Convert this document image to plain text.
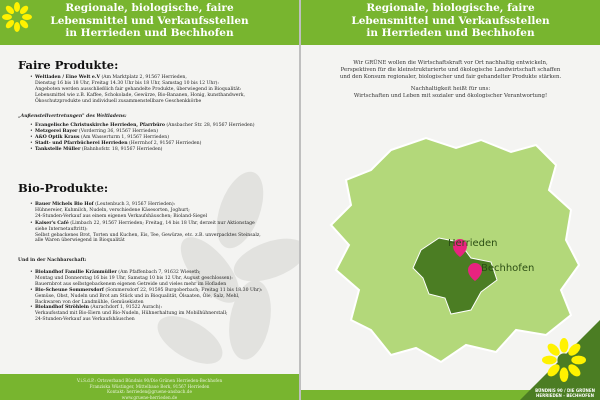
Regionale, biologische, faire
Lebensmittel und Verkaufsstellen
in Herrieden und Bechhofen
Faire Produkte:
• Weltladen / Eine Welt e.V (Am Marktplatz 2, 91567 Herrieden,
Dienstag 16 bis 18 Uhr, Freitag 14.30 Uhr bis 18 Uhr, Samstag 10 bis 12 Uhr):
Angeboten werden ausschließlich fair gehandelte Produkte, überwiegend in Bioqualität:
Lebensmittel wie z.B. Kaffee, Schokolade, Gewürze, Bio-Bananen, Honig, kunsthandwerk,
Ökoschutzprodukte und individuell zusammenstellbare Geschenkkörbe
„Außenstellvertretungen" des Weltladens:
• Evangelische Christuskirche Herrieden, Pfarrbüro (Ansbacher Str. 28, 91567 Herrieden)
• Metzgerei Bayer (Vorderring 36, 91567 Herrieden)
• A&O Optik Kraus (Am Wasserturm 1, 91567 Herrieden)
• Stadt- und Pfarrbücherei Herrieden (Herrnhof 2, 91567 Herrieden)
• Tankstelle Müller (Bahnhofstr. 18, 91567 Herrieden)
Bio-Produkte:
• Bauer Michels Bio Hof (Leutenbuch 3, 91567 Herrieden):
Hühnereier, Kuhmilch, Nudeln, verschiedene Käsesorten, Joghurt;
24-Stunden-Verkauf aus einem eigenen Verkaufshäuschen; Bioland-Siegel
• Kaiser's Café (Limbach 22, 91567 Herrieden; Freitag, 14 bis 18 Uhr, derzeit nur Aktionstage
siehe Internetauftritt):
Selbst gebackenes Brot, Torten und Kuchen, Eis, Tee, Gewürze, etc. z.B. unverpacktes Steinsalz,
alle Waren überwiegend in Bioqualität
Und in der Nachbarschaft:
• Biolandhof Familie Krämmüller (Am Pfaffenbach 7, 91632 Wieseth;
Montag und Donnerstag 16 bis 19 Uhr, Samstag 10 bis 12 Uhr, August geschlossen):
Bauernbrot aus selbstgebackenem eigenen Getreide und vieles mehr im Hofladen
• Bio-Scheune Sommersdorf (Sommersdorf 22, 91595 Burgoberbach; Freitag 11 bis 18.30 Uhr):
Gemüse, Obst, Nudeln und Brot am Stück und in Bioqualität, Ölsaaten, Öle, Salz, Mehl,
Backwaren von der Landmühle, Gemüsekisten
• Biolandhof Ströhlein (Aurachdorf 1, 91522 Aurach):
Verkaufsstand mit Bio-Eiern und Bio-Nudeln, Hühnerhaltung im Mobilhühnerstall;
24-Stunden-Verkauf aus Verkaufshäuschen
V.i.S.d.P.: Ortsverband Bündnis 90/Die Grünen Herrieden-Bechhofen
Franziska Wüstinger, Mittelbaue Berk, 91567 Herrieden
Kontakt: herrieden@gruene-ansbach.de
www.gruene-herrieden.de
Regionale, biologische, faire
Lebensmittel und Verkaufsstellen
in Herrieden und Bechhofen

Wir GRÜNE wollen die Wirtschaftskraft vor Ort nachhaltig entwickeln,
Perspektiven für die kleinstrukturierte und ökologische Landwirtschaft schaffen
und den Konsum regionaler, biologischer und fair gehandelter Produkte stärken.

Nachhaltigkeit heißt für uns:
Wirtschaften und Leben mit sozialer und ökologischer Verantwortung!

Herrieden
Bechhofen
BÜNDNIS 90 / DIE GRÜNEN
HERRIEDEN - BECHHOFEN
